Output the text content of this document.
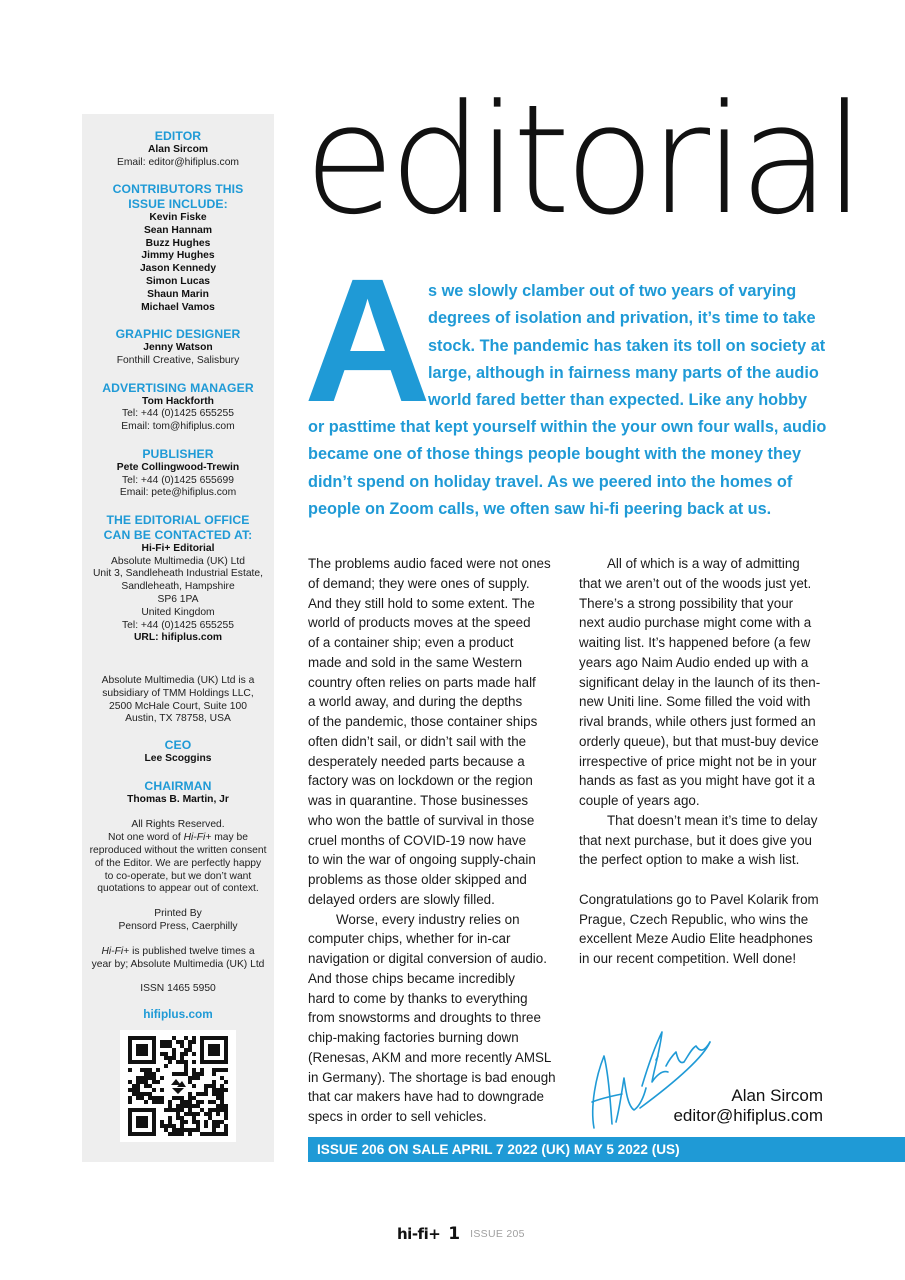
EDITOR
Alan Sircom
Email: editor@hifiplus.com
CONTRIBUTORS THIS
ISSUE INCLUDE:
Kevin Fiske
Sean Hannam
Buzz Hughes
Jimmy Hughes
Jason Kennedy
Simon Lucas
Shaun Marin
Michael Vamos
GRAPHIC DESIGNER
Jenny Watson
Fonthill Creative, Salisbury
ADVERTISING MANAGER
Tom Hackforth
Tel: +44 (0)1425 655255
Email: tom@hifiplus.com
PUBLISHER
Pete Collingwood-Trewin
Tel: +44 (0)1425 655699
Email: pete@hifiplus.com
THE EDITORIAL OFFICE
CAN BE CONTACTED AT:
Hi-Fi+ Editorial
Absolute Multimedia (UK) Ltd
Unit 3, Sandleheath Industrial Estate,
Sandleheath, Hampshire
SP6 1PA
United Kingdom
Tel: +44 (0)1425 655255
URL: hifiplus.com
Absolute Multimedia (UK) Ltd is a
subsidiary of TMM Holdings LLC,
2500 McHale Court, Suite 100
Austin, TX 78758, USA
CEO
Lee Scoggins
CHAIRMAN
Thomas B. Martin, Jr
All Rights Reserved.
Not one word of Hi-Fi+ may be
reproduced without the written consent
of the Editor. We are perfectly happy
to co-operate, but we don’t want
quotations to appear out of context.
Printed By
Pensord Press, Caerphilly
Hi-Fi+ is published twelve times a
year by; Absolute Multimedia (UK) Ltd
ISSN 1465 5950
hifiplus.com
editorial
A
s we slowly clamber out of two years of varying
degrees of isolation and privation, it’s time to take
stock. The pandemic has taken its toll on society at
large, although in fairness many parts of the audio
world fared better than expected. Like any hobby
or pasttime that kept yourself within the your own four walls, audio
became one of those things people bought with the money they
didn’t spend on holiday travel. As we peered into the homes of
people on Zoom calls, we often saw hi-fi peering back at us.
The problems audio faced were not ones
of demand; they were ones of supply.
And they still hold to some extent. The
world of products moves at the speed
of a container ship; even a product
made and sold in the same Western
country often relies on parts made half
a world away, and during the depths
of the pandemic, those container ships
often didn’t sail, or didn’t sail with the
desperately needed parts because a
factory was on lockdown or the region
was in quarantine. Those businesses
who won the battle of survival in those
cruel months of COVID-19 now have
to win the war of ongoing supply-chain
problems as those older skipped and
delayed orders are slowly filled.
Worse, every industry relies on
computer chips, whether for in-car
navigation or digital conversion of audio.
And those chips became incredibly
hard to come by thanks to everything
from snowstorms and droughts to three
chip-making factories burning down
(Renesas, AKM and more recently AMSL
in Germany). The shortage is bad enough
that car makers have had to downgrade
specs in order to sell vehicles.
All of which is a way of admitting
that we aren’t out of the woods just yet.
There’s a strong possibility that your
next audio purchase might come with a
waiting list. It’s happened before (a few
years ago Naim Audio ended up with a
significant delay in the launch of its then-
new Uniti line. Some filled the void with
rival brands, while others just formed an
orderly queue), but that must-buy device
irrespective of price might not be in your
hands as fast as you might have got it a
couple of years ago.
That doesn’t mean it’s time to delay
that next purchase, but it does give you
the perfect option to make a wish list.
Congratulations go to Pavel Kolarik from
Prague, Czech Republic, who wins the
excellent Meze Audio Elite headphones
in our recent competition. Well done!
Alan Sircom
editor@hifiplus.com
ISSUE 206 ON SALE APRIL 7 2022 (UK) MAY 5 2022 (US)
hi-fi+ 1 ISSUE 205
